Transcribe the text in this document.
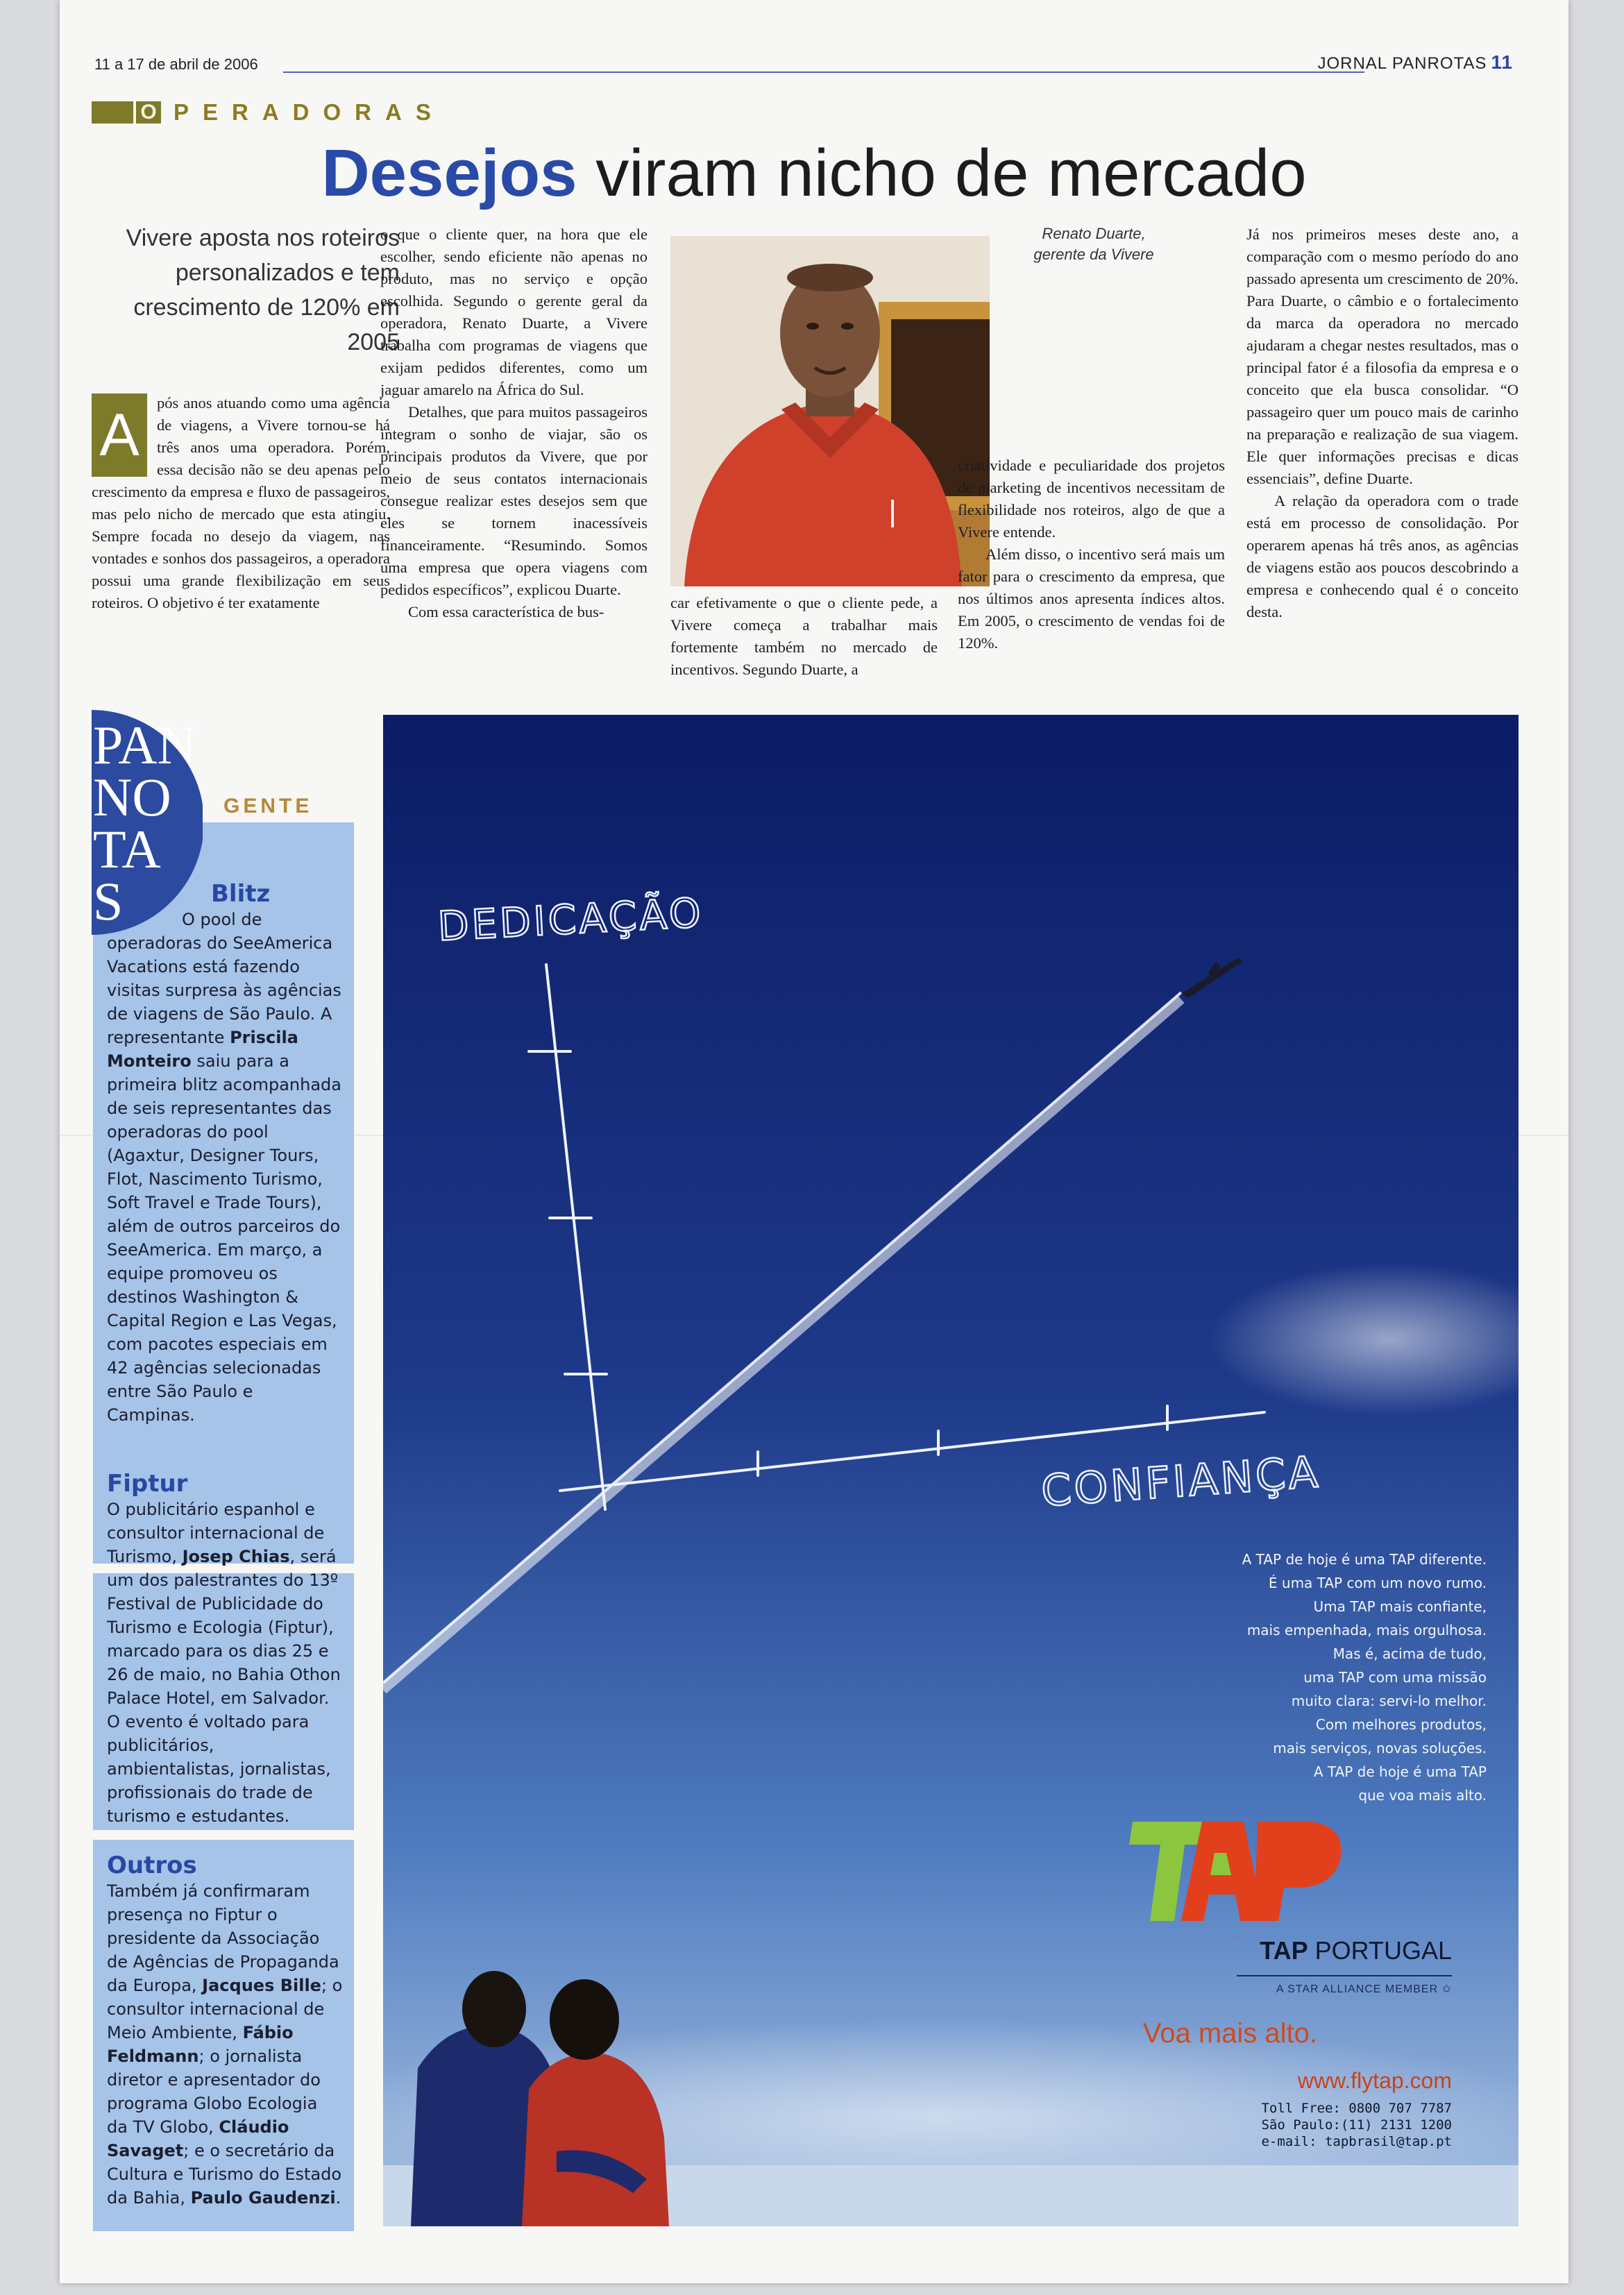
11 a 17 de abril de 2006	JORNAL PANROTAS 11
O PERADORAS
Desejos viram nicho de mercado
Vivere aposta nos roteiros personalizados e tem crescimento de 120% em 2005
A	pós anos atuando como uma agência de viagens, a Vivere tornou-se há três anos uma operadora. Porém, essa decisão não se deu apenas pelo crescimento da empresa e fluxo de passageiros, mas pelo nicho de mercado que esta atingiu. Sempre focada no desejo da viagem, nas vontades e sonhos dos passageiros, a operadora possui uma grande flexibilização em seus roteiros. O objetivo é ter exatamente

o que o cliente quer, na hora que ele escolher, sendo eficiente não apenas no produto, mas no serviço e opção escolhida. Segundo o gerente geral da operadora, Renato Duarte, a Vivere trabalha com programas de viagens que exijam pedidos diferentes, como um jaguar amarelo na África do Sul.

Detalhes, que para muitos passageiros integram o sonho de viajar, são os principais produtos da Vivere, que por meio de seus contatos internacionais consegue realizar estes desejos sem que eles se tornem inacessíveis financeiramente. “Resumindo. Somos uma empresa que opera viagens com pedidos específicos”, explicou Duarte.

Com essa característica de bus-

Renato Duarte,
gerente da Vivere

car efetivamente o que o cliente pede, a Vivere começa a trabalhar mais fortemente também no mercado de incentivos. Segundo Duarte, a

criatividade e peculiaridade dos projetos de marketing de incentivos necessitam de flexibilidade nos roteiros, algo de que a Vivere entende.

Além disso, o incentivo será mais um fator para o crescimento da empresa, que nos últimos anos apresenta índices altos. Em 2005, o crescimento de vendas foi de 120%.

Já nos primeiros meses deste ano, a comparação com o mesmo período do ano passado apresenta um crescimento de 20%. Para Duarte, o câmbio e o fortalecimento da marca da operadora no mercado ajudaram a chegar nestes resultados, mas o principal fator é a filosofia da empresa e o conceito que ela busca consolidar. “O passageiro quer um pouco mais de carinho na preparação e realização de sua viagem. Ele quer informações precisas e dicas essenciais”, define Duarte.

A relação da operadora com o trade está em processo de consolidação. Por operarem apenas há três anos, as agências de viagens estão aos poucos descobrindo a empresa e conhecendo qual é o conceito desta.

PAN
NO
TA
S
GENTE
Blitz
O pool de operadoras do SeeAmerica Vacations está fazendo visitas surpresa às agências de viagens de São Paulo. A representante Priscila Monteiro saiu para a primeira blitz acompanhada de seis representantes das operadoras do pool (Agaxtur, Designer Tours, Flot, Nascimento Turismo, Soft Travel e Trade Tours), além de outros parceiros do SeeAmerica. Em março, a equipe promoveu os destinos Washington & Capital Region e Las Vegas, com pacotes especiais em 42 agências selecionadas entre São Paulo e Campinas.
Fiptur
O publicitário espanhol e consultor internacional de Turismo, Josep Chias, será um dos palestrantes do 13º Festival de Publicidade do Turismo e Ecologia (Fiptur), marcado para os dias 25 e 26 de maio, no Bahia Othon Palace Hotel, em Salvador. O evento é voltado para publicitários, ambientalistas, jornalistas, profissionais do trade de turismo e estudantes.
Outros
Também já confirmaram presença no Fiptur o presidente da Associação de Agências de Propaganda da Europa, Jacques Bille; o consultor internacional de Meio Ambiente, Fábio Feldmann; o jornalista diretor e apresentador do programa Globo Ecologia da TV Globo, Cláudio Savaget; e o secretário da Cultura e Turismo do Estado da Bahia, Paulo Gaudenzi.
DEDICAÇÃO
CONFIANÇA
A TAP de hoje é uma TAP diferente.
É uma TAP com um novo rumo.
Uma TAP mais confiante,
mais empenhada, mais orgulhosa.
Mas é, acima de tudo,
uma TAP com uma missão
muito clara: servi-lo melhor.
Com melhores produtos,
mais serviços, novas soluções.
A TAP de hoje é uma TAP
que voa mais alto.
TAP PORTUGAL
A STAR ALLIANCE MEMBER ✩
Voa mais alto.
www.flytap.com
Toll Free: 0800 707 7787
São Paulo:(11) 2131 1200
e-mail: tapbrasil@tap.pt
